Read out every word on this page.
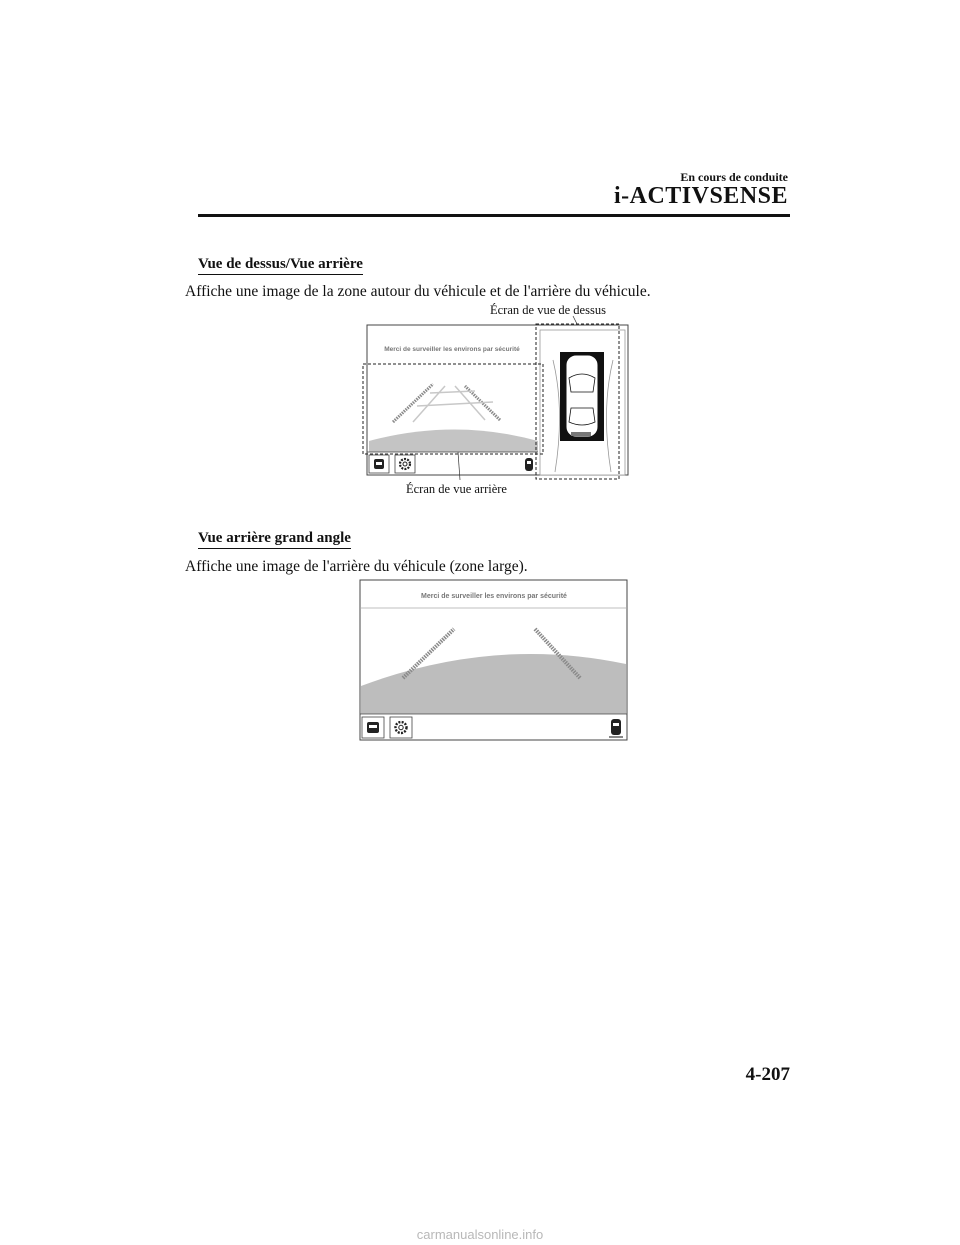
En cours de conduite
i-ACTIVSENSE
Vue de dessus/Vue arrière
Affiche une image de la zone autour du véhicule et de l'arrière du véhicule.
Merci de surveiller les environs par sécurité
Écran de vue de dessus
Écran de vue arrière
Vue arrière grand angle
Affiche une image de l'arrière du véhicule (zone large).
Merci de surveiller les environs par sécurité
4-207
carmanualsonline.info
